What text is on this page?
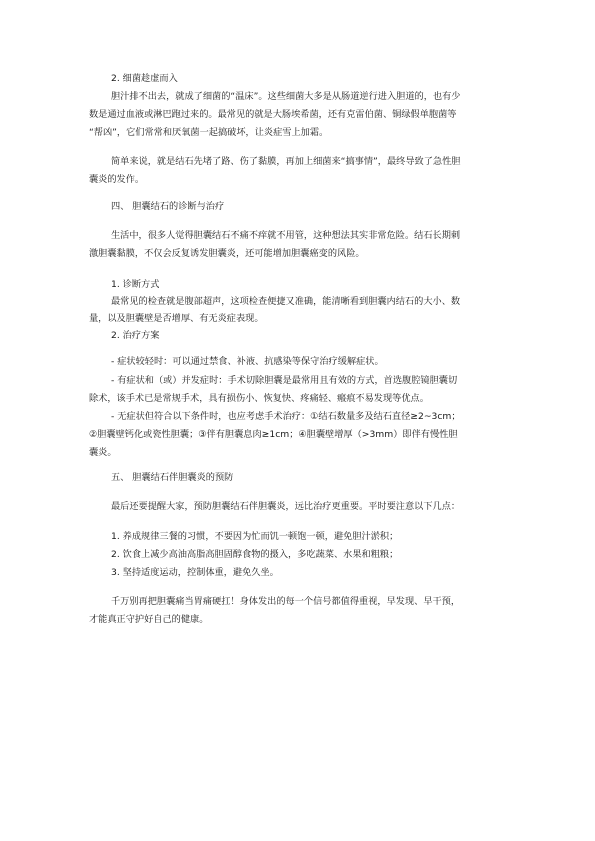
2. 细菌趁虚而入
胆汁排不出去，就成了细菌的“温床”。这些细菌大多是从肠道逆行进入胆道的，也有少
数是通过血液或淋巴跑过来的。最常见的就是大肠埃希菌，还有克雷伯菌、铜绿假单胞菌等
“帮凶”，它们常常和厌氧菌一起搞破坏，让炎症雪上加霜。
简单来说，就是结石先堵了路、伤了黏膜，再加上细菌来“搞事情”，最终导致了急性胆
囊炎的发作。
四、 胆囊结石的诊断与治疗
生活中，很多人觉得胆囊结石不痛不痒就不用管，这种想法其实非常危险。结石长期刺
激胆囊黏膜，不仅会反复诱发胆囊炎，还可能增加胆囊癌变的风险。
1. 诊断方式
最常见的检查就是腹部超声，这项检查便捷又准确，能清晰看到胆囊内结石的大小、数
量，以及胆囊壁是否增厚、有无炎症表现。
2. 治疗方案
- 症状较轻时：可以通过禁食、补液、抗感染等保守治疗缓解症状。
- 有症状和（或）并发症时：手术切除胆囊是最常用且有效的方式，首选腹腔镜胆囊切
除术，该手术已是常规手术，具有损伤小、恢复快、疼痛轻、瘢痕不易发现等优点。
- 无症状但符合以下条件时，也应考虑手术治疗：①结石数量多及结石直径≥2~3cm；
②胆囊壁钙化或瓷性胆囊；③伴有胆囊息肉≥1cm；④胆囊壁增厚（>3mm）即伴有慢性胆
囊炎。
五、 胆囊结石伴胆囊炎的预防
最后还要提醒大家，预防胆囊结石伴胆囊炎，远比治疗更重要。平时要注意以下几点：
1. 养成规律三餐的习惯，不要因为忙而饥一顿饱一顿，避免胆汁淤积；
2. 饮食上减少高油高脂高胆固醇食物的摄入，多吃蔬菜、水果和粗粮；
3. 坚持适度运动，控制体重，避免久坐。
千万别再把胆囊痛当胃痛硬扛！身体发出的每一个信号都值得重视，早发现、早干预，
才能真正守护好自己的健康。
